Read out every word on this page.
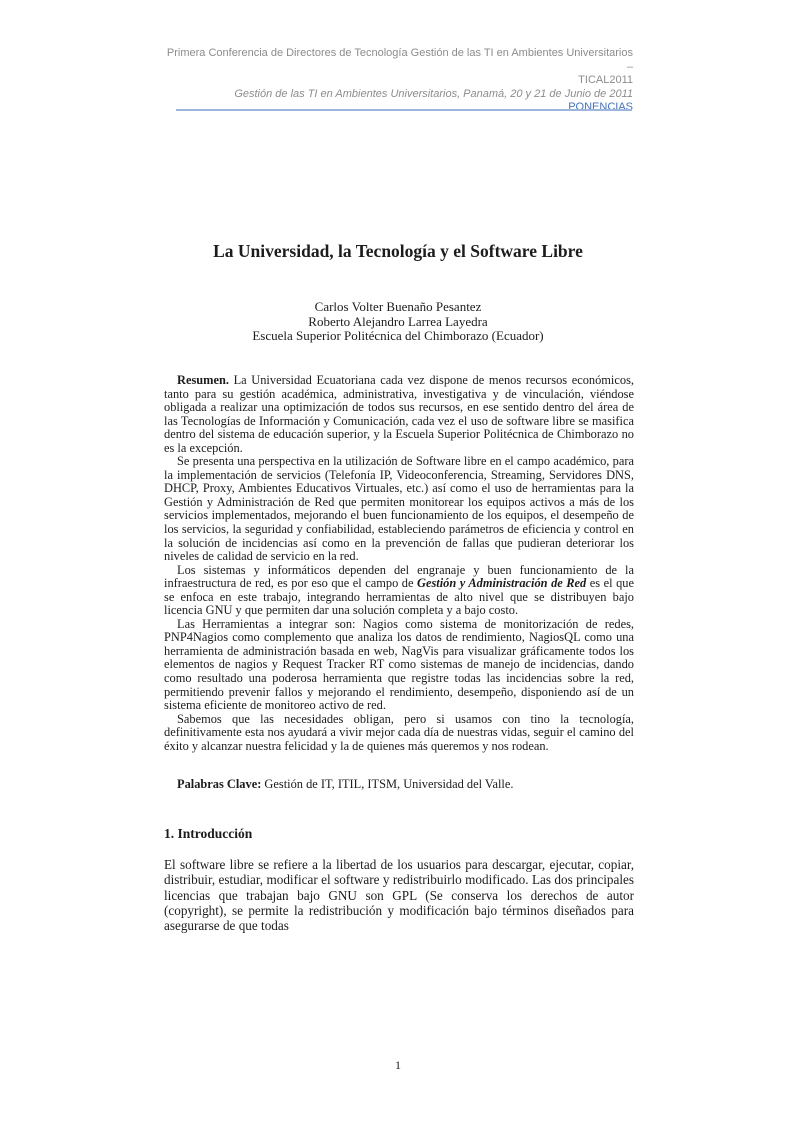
Primera Conferencia de Directores de Tecnología Gestión de las TI en Ambientes Universitarios –
TICAL2011
Gestión de las TI en Ambientes Universitarios, Panamá, 20 y 21 de Junio de 2011
PONENCIAS
La Universidad, la Tecnología y el Software Libre
Carlos Volter Buenaño Pesantez
Roberto Alejandro Larrea Layedra
Escuela Superior Politécnica del Chimborazo (Ecuador)

Resumen. La Universidad Ecuatoriana cada vez dispone de menos recursos económicos, tanto para su gestión académica, administrativa, investigativa y de vinculación, viéndose obligada a realizar una optimización de todos sus recursos, en ese sentido dentro del área de las Tecnologías de Información y Comunicación, cada vez el uso de software libre se masifica dentro del sistema de educación superior, y la Escuela Superior Politécnica de Chimborazo no es la excepción.

Se presenta una perspectiva en la utilización de Software libre en el campo académico, para la implementación de servicios (Telefonía IP, Videoconferencia, Streaming, Servidores DNS, DHCP, Proxy, Ambientes Educativos Virtuales, etc.) así como el uso de herramientas para la Gestión y Administración de Red que permiten monitorear los equipos activos a más de los servicios implementados, mejorando el buen funcionamiento de los equipos, el desempeño de los servicios, la seguridad y confiabilidad, estableciendo parámetros de eficiencia y control en la solución de incidencias así como en la prevención de fallas que pudieran deteriorar los niveles de calidad de servicio en la red.

Los sistemas y informáticos dependen del engranaje y buen funcionamiento de la infraestructura de red, es por eso que el campo de Gestión y Administración de Red es el que se enfoca en este trabajo, integrando herramientas de alto nivel que se distribuyen bajo licencia GNU y que permiten dar una solución completa y a bajo costo.

Las Herramientas a integrar son: Nagios como sistema de monitorización de redes, PNP4Nagios como complemento que analiza los datos de rendimiento, NagiosQL como una herramienta de administración basada en web, NagVis para visualizar gráficamente todos los elementos de nagios y Request Tracker RT como sistemas de manejo de incidencias, dando como resultado una poderosa herramienta que registre todas las incidencias sobre la red, permitiendo prevenir fallos y mejorando el rendimiento, desempeño, disponiendo así de un sistema eficiente de monitoreo activo de red.

Sabemos que las necesidades obligan, pero si usamos con tino la tecnología, definitivamente esta nos ayudará a vivir mejor cada día de nuestras vidas, seguir el camino del éxito y alcanzar nuestra felicidad y la de quienes más queremos y nos rodean.

Palabras Clave: Gestión de IT, ITIL, ITSM, Universidad del Valle.
1. Introducción

El software libre se refiere a la libertad de los usuarios para descargar, ejecutar, copiar, distribuir, estudiar, modificar el software y redistribuirlo modificado. Las dos principales licencias que trabajan bajo GNU son GPL (Se conserva los derechos de autor (copyright), se permite la redistribución y modificación bajo términos diseñados para asegurarse de que todas

1
